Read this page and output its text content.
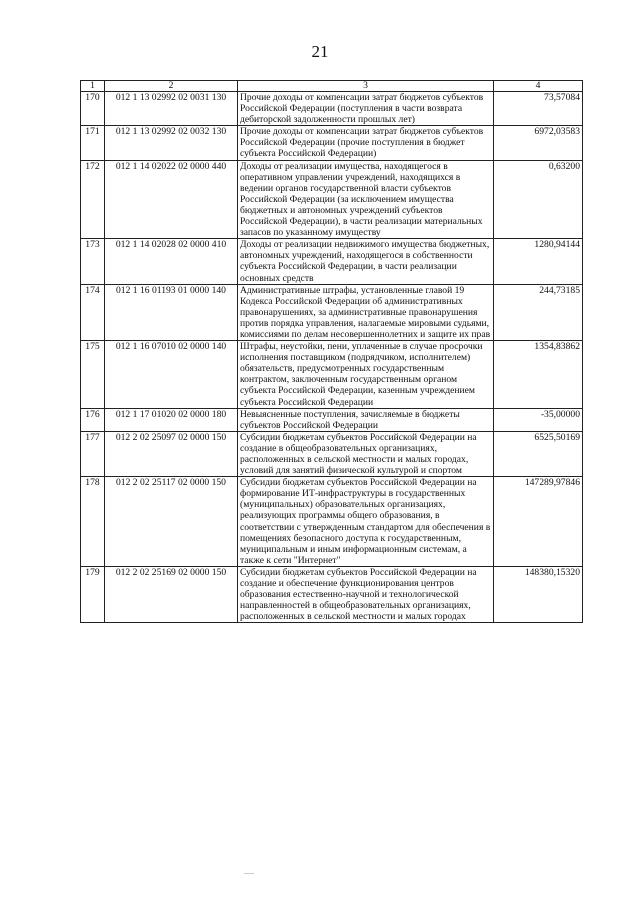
21
1	2	3	4
170	012 1 13 02992 02 0031 130	Прочие доходы от компенсации затрат бюджетов субъектов Российской Федерации (поступления в части возврата дебиторской задолженности прошлых лет)	73,57084
171	012 1 13 02992 02 0032 130	Прочие доходы от компенсации затрат бюджетов субъектов Российской Федерации (прочие поступления в бюджет субъекта Российской Федерации)	6972,03583
172	012 1 14 02022 02 0000 440	Доходы от реализации имущества, находящегося в оперативном управлении учреждений, находящихся в ведении органов государственной власти субъектов Российской Федерации (за исключением имущества бюджетных и автономных учреждений субъектов Российской Федерации), в части реализации материальных запасов по указанному имуществу	0,63200
173	012 1 14 02028 02 0000 410	Доходы от реализации недвижимого имущества бюджетных, автономных учреждений, находящегося в собственности субъекта Российской Федерации, в части реализации основных средств	1280,94144
174	012 1 16 01193 01 0000 140	Административные штрафы, установленные главой 19 Кодекса Российской Федерации об административных правонарушениях, за административные правонарушения против порядка управления, налагаемые мировыми судьями, комиссиями по делам несовершеннолетних и защите их прав	244,73185
175	012 1 16 07010 02 0000 140	Штрафы, неустойки, пени, уплаченные в случае просрочки исполнения поставщиком (подрядчиком, исполнителем) обязательств, предусмотренных государственным контрактом, заключенным государственным органом субъекта Российской Федерации, казенным учреждением субъекта Российской Федерации	1354,83862
176	012 1 17 01020 02 0000 180	Невыясненные поступления, зачисляемые в бюджеты субъектов Российской Федерации	-35,00000
177	012 2 02 25097 02 0000 150	Субсидии бюджетам субъектов Российской Федерации на создание в общеобразовательных организациях, расположенных в сельской местности и малых городах, условий для занятий физической культурой и спортом	6525,50169
178	012 2 02 25117 02 0000 150	Субсидии бюджетам субъектов Российской Федерации на формирование ИТ-инфраструктуры в государственных (муниципальных) образовательных организациях, реализующих программы общего образования, в соответствии с утвержденным стандартом для обеспечения в помещениях безопасного доступа к государственным, муниципальным и иным информационным системам, а также к сети "Интернет"	147289,97846
179	012 2 02 25169 02 0000 150	Субсидии бюджетам субъектов Российской Федерации на создание и обеспечение функционирования центров образования естественно-научной и технологической направленностей в общеобразовательных организациях, расположенных в сельской местности и малых городах	148380,15320
